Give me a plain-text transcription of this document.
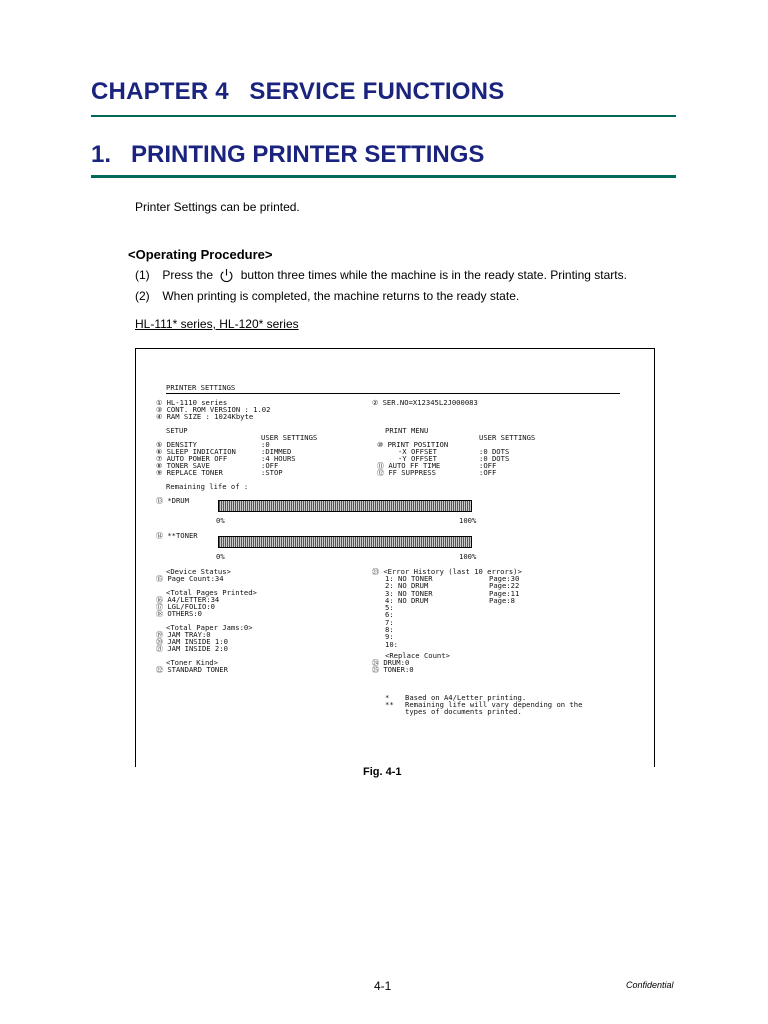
CHAPTER 4   SERVICE FUNCTIONS
1.   PRINTING PRINTER SETTINGS
Printer Settings can be printed.
<Operating Procedure>
(1) Press the button three times while the machine is in the ready state. Printing starts.
(2) When printing is completed, the machine returns to the ready state.
HL-111* series, HL-120* series
PRINTER SETTINGS
① HL-1110 series
③ CONT. ROM VERSION : 1.02
④ RAM SIZE : 1024Kbyte
② SER.NO=X12345L2J000083
SETUP
USER SETTINGS
⑤ DENSITY	:0
⑥ SLEEP INDICATION	:DIMMED
⑦ AUTO POWER OFF	:4 HOURS
⑧ TONER SAVE	:OFF
⑨ REPLACE TONER	:STOP
PRINT MENU
USER SETTINGS
⑩ PRINT POSITION
-X OFFSET	:0 DOTS
-Y OFFSET	:0 DOTS
⑪ AUTO FF TIME	:OFF
⑫ FF SUPPRESS	:OFF
Remaining life of :
⑬ *DRUM
0%	100%
⑭ **TONER
0%	100%
<Device Status>
⑮ Page Count:34
<Total Pages Printed>
⑯ A4/LETTER:34
⑰ LGL/FOLIO:0
⑱ OTHERS:0
<Total Paper Jams:0>
⑲ JAM TRAY:0
⑳ JAM INSIDE 1:0
㉑ JAM INSIDE 2:0
<Toner Kind>
㉒ STANDARD TONER
㉓ <Error History (last 10 errors)>
1: NO TONER	Page:30
2: NO DRUM	Page:22
3: NO TONER	Page:11
4: NO DRUM	Page:8
5:
6:
7:
8:
9:
10:
<Replace Count>
㉔ DRUM:0
㉕ TONER:0
* Based on A4/Letter printing.
** Remaining life will vary depending on the
types of documents printed.
Fig. 4-1
4-1	Confidential
